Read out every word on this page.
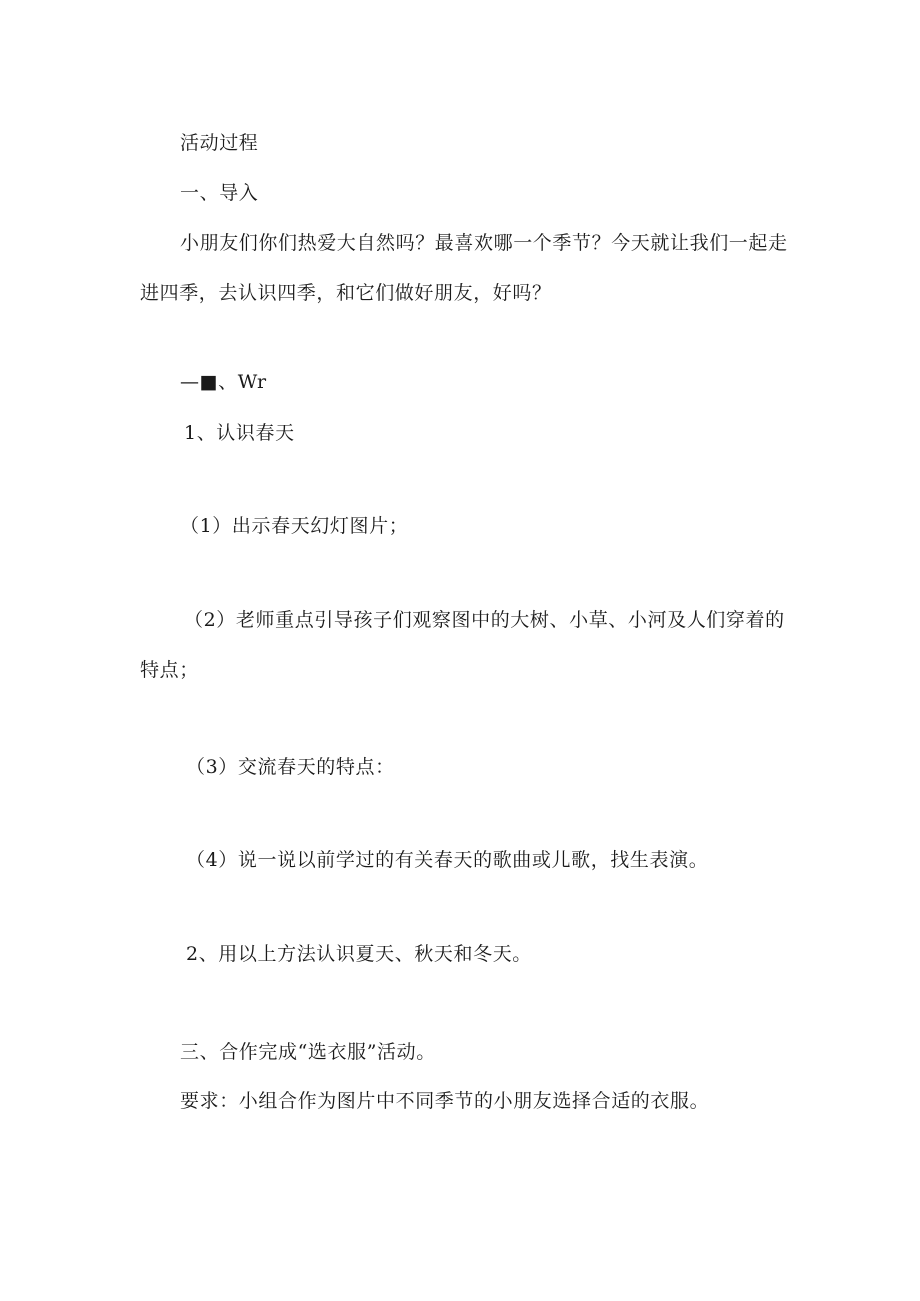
活动过程
一、导入
小朋友们你们热爱大自然吗？最喜欢哪一个季节？今天就让我们一起走进四季，去认识四季，和它们做好朋友，好吗？
—■、Wr
1、认识春天
（1）出示春天幻灯图片；
（2）老师重点引导孩子们观察图中的大树、小草、小河及人们穿着的特点；
（3）交流春天的特点：
（4）说一说以前学过的有关春天的歌曲或儿歌，找生表演。
2、用以上方法认识夏天、秋天和冬天。
三、合作完成“选衣服”活动。
要求：小组合作为图片中不同季节的小朋友选择合适的衣服。
